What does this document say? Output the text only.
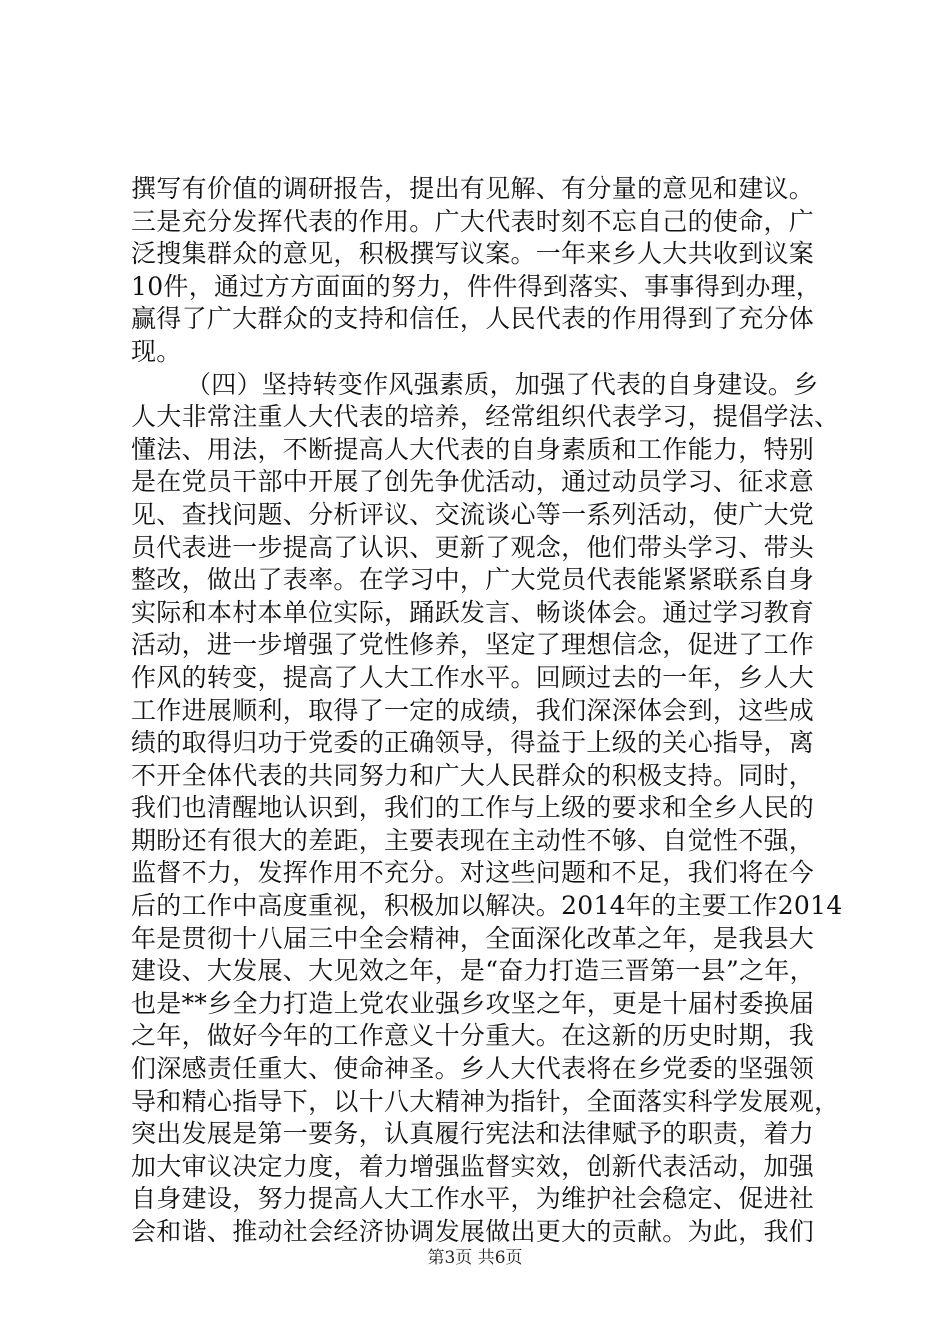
撰写有价值的调研报告，提出有见解、有分量的意见和建议。
三是充分发挥代表的作用。广大代表时刻不忘自己的使命，广
泛搜集群众的意见，积极撰写议案。一年来乡人大共收到议案
10件，通过方方面面的努力，件件得到落实、事事得到办理，
赢得了广大群众的支持和信任，人民代表的作用得到了充分体
现。
（四）坚持转变作风强素质，加强了代表的自身建设。乡
人大非常注重人大代表的培养，经常组织代表学习，提倡学法、
懂法、用法，不断提高人大代表的自身素质和工作能力，特别
是在党员干部中开展了创先争优活动，通过动员学习、征求意
见、查找问题、分析评议、交流谈心等一系列活动，使广大党
员代表进一步提高了认识、更新了观念，他们带头学习、带头
整改，做出了表率。在学习中，广大党员代表能紧紧联系自身
实际和本村本单位实际，踊跃发言、畅谈体会。通过学习教育
活动，进一步增强了党性修养，坚定了理想信念，促进了工作
作风的转变，提高了人大工作水平。回顾过去的一年，乡人大
工作进展顺利，取得了一定的成绩，我们深深体会到，这些成
绩的取得归功于党委的正确领导，得益于上级的关心指导，离
不开全体代表的共同努力和广大人民群众的积极支持。同时，
我们也清醒地认识到，我们的工作与上级的要求和全乡人民的
期盼还有很大的差距，主要表现在主动性不够、自觉性不强，
监督不力，发挥作用不充分。对这些问题和不足，我们将在今
后的工作中高度重视，积极加以解决。2014年的主要工作2014
年是贯彻十八届三中全会精神，全面深化改革之年，是我县大
建设、大发展、大见效之年，是“奋力打造三晋第一县”之年，
也是**乡全力打造上党农业强乡攻坚之年，更是十届村委换届
之年，做好今年的工作意义十分重大。在这新的历史时期，我
们深感责任重大、使命神圣。乡人大代表将在乡党委的坚强领
导和精心指导下，以十八大精神为指针，全面落实科学发展观，
突出发展是第一要务，认真履行宪法和法律赋予的职责，着力
加大审议决定力度，着力增强监督实效，创新代表活动，加强
自身建设，努力提高人大工作水平，为维护社会稳定、促进社
会和谐、推动社会经济协调发展做出更大的贡献。为此，我们
第3页 共6页
